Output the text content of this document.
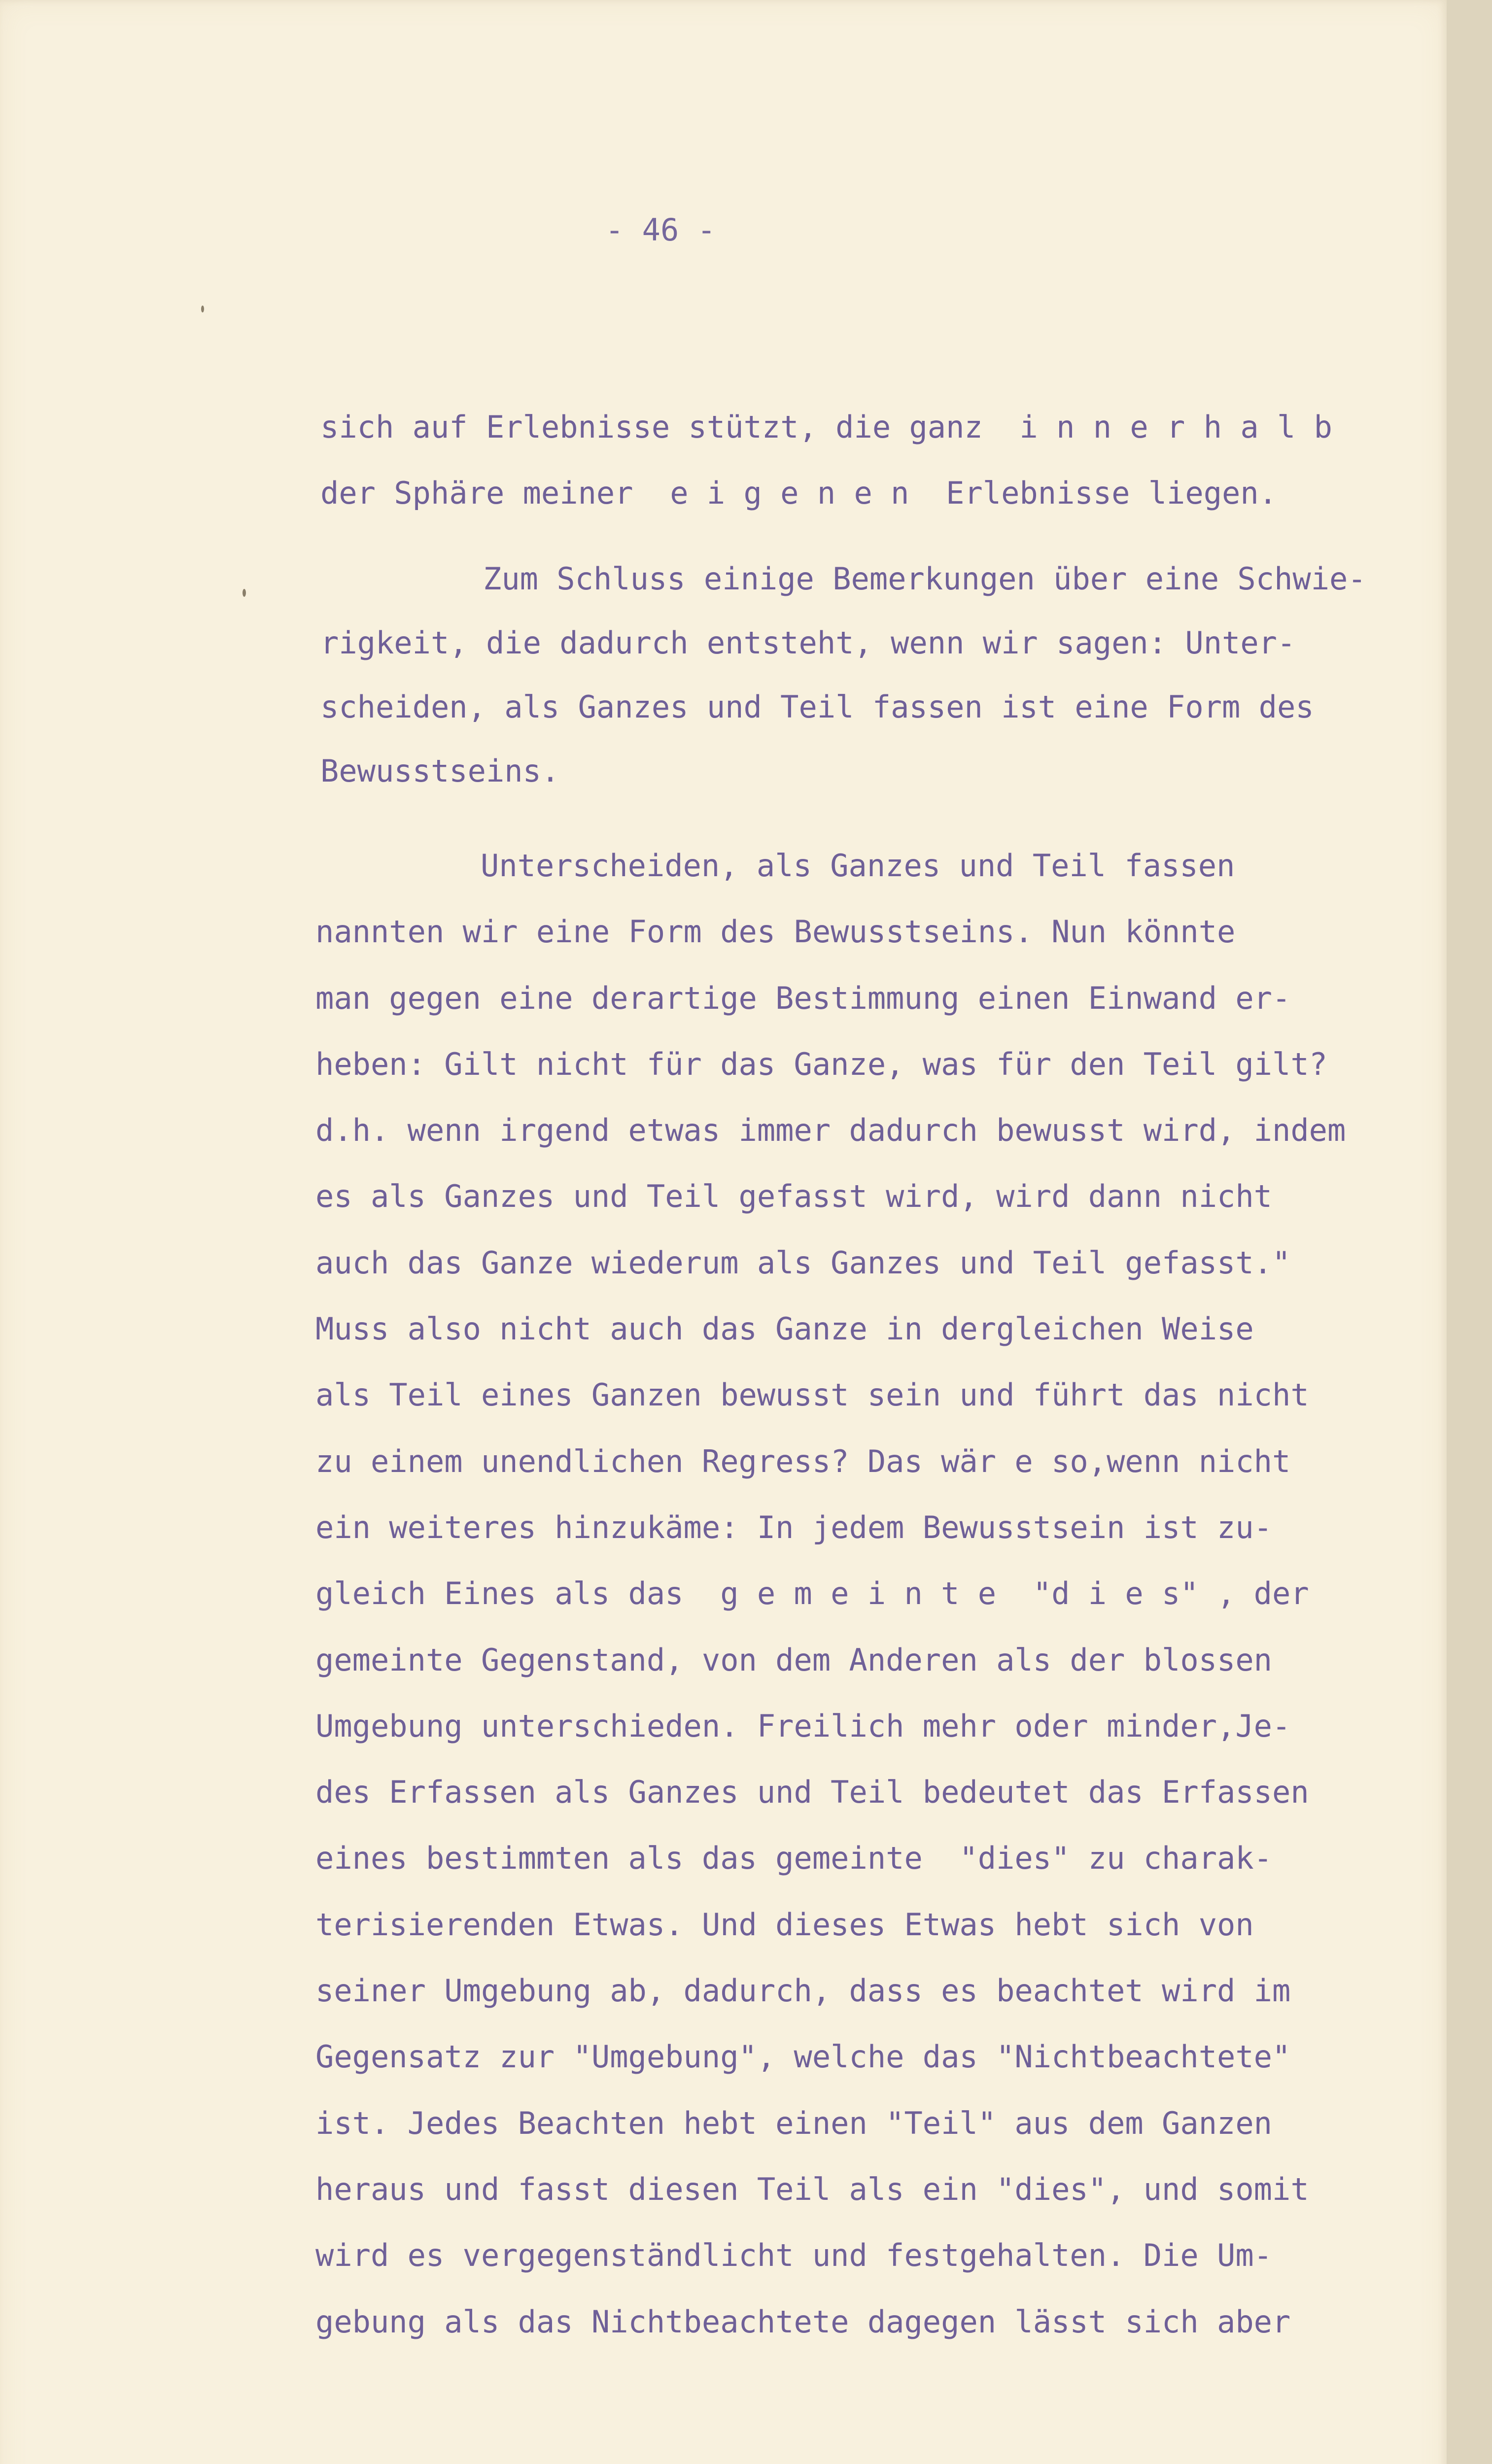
- 46 -

sich auf Erlebnisse stützt, die ganz  i n n e r h a l b
der Sphäre meiner  e i g e n e n  Erlebnisse liegen.
Zum Schluss einige Bemerkungen über eine Schwie-
rigkeit, die dadurch entsteht, wenn wir sagen: Unter-
scheiden, als Ganzes und Teil fassen ist eine Form des
Bewusstseins.
Unterscheiden, als Ganzes und Teil fassen
nannten wir eine Form des Bewusstseins. Nun könnte
man gegen eine derartige Bestimmung einen Einwand er-
heben: Gilt nicht für das Ganze, was für den Teil gilt?
d.h. wenn irgend etwas immer dadurch bewusst wird, indem
es als Ganzes und Teil gefasst wird, wird dann nicht
auch das Ganze wiederum als Ganzes und Teil gefasst."
Muss also nicht auch das Ganze in dergleichen Weise
als Teil eines Ganzen bewusst sein und führt das nicht
zu einem unendlichen Regress? Das wär e so,wenn nicht
ein weiteres hinzukäme: In jedem Bewusstsein ist zu-
gleich Eines als das  g e m e i n t e  "d i e s" , der
gemeinte Gegenstand, von dem Anderen als der blossen
Umgebung unterschieden. Freilich mehr oder minder,Je-
des Erfassen als Ganzes und Teil bedeutet das Erfassen
eines bestimmten als das gemeinte  "dies" zu charak-
terisierenden Etwas. Und dieses Etwas hebt sich von
seiner Umgebung ab, dadurch, dass es beachtet wird im
Gegensatz zur "Umgebung", welche das "Nichtbeachtete"
ist. Jedes Beachten hebt einen "Teil" aus dem Ganzen
heraus und fasst diesen Teil als ein "dies", und somit
wird es vergegenständlicht und festgehalten. Die Um-
gebung als das Nichtbeachtete dagegen lässt sich aber
